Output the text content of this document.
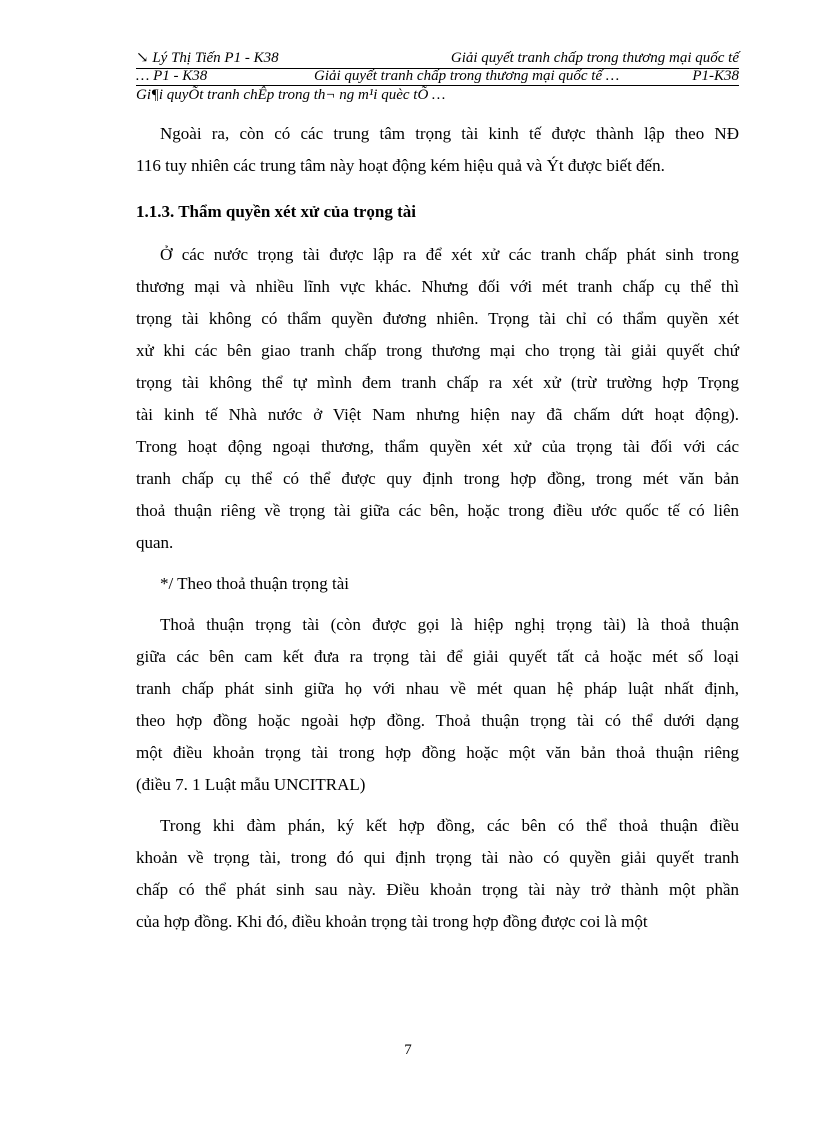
↘ Lý Thị Tiến P1 - K38	Giải quyết tranh chấp trong thương mại quốc tế
… P1 - K38	Giải quyết tranh chấp trong thương mại quốc tế …	P1-K38
Gi¶i quyÕt tranh chÊp trong th¬ ng m¹i quèc tÕ …
Ngoài ra, còn có các trung tâm trọng tài kinh tế được thành lập theo NĐ
116 tuy nhiên các trung tâm này hoạt động kém hiệu quả và Ýt được biết đến.
1.1.3. Thẩm quyền xét xử của trọng tài
Ở các nước trọng tài được lập ra để xét xử các tranh chấp phát sinh trong
thương mại và nhiều lĩnh vực khác. Nhưng đối với mét tranh chấp cụ thể thì
trọng tài không có thẩm quyền đương nhiên. Trọng tài chỉ có thẩm quyền xét
xử khi các bên giao tranh chấp trong thương mại cho trọng tài giải quyết chứ
trọng tài không thể tự mình đem tranh chấp ra xét xử (trừ trường hợp Trọng
tài kinh tế Nhà nước ở Việt Nam nhưng hiện nay đã chấm dứt hoạt động).
Trong hoạt động ngoại thương, thẩm quyền xét xử của trọng tài đối với các
tranh chấp cụ thể có thể được quy định trong hợp đồng, trong mét văn bản
thoả thuận riêng về trọng tài giữa các bên, hoặc trong điều ước quốc tế có liên
quan.
*/ Theo thoả thuận trọng tài
Thoả thuận trọng tài (còn được gọi là hiệp nghị trọng tài) là thoả thuận
giữa các bên cam kết đưa ra trọng tài để giải quyết tất cả hoặc mét số loại
tranh chấp phát sinh giữa họ với nhau về mét quan hệ pháp luật nhất định,
theo hợp đồng hoặc ngoài hợp đồng. Thoả thuận trọng tài có thể dưới dạng
một điều khoản trọng tài trong hợp đồng hoặc một văn bản thoả thuận riêng
(điều 7. 1 Luật mẫu UNCITRAL)
Trong khi đàm phán, ký kết hợp đồng, các bên có thể thoả thuận điều
khoản về trọng tài, trong đó qui định trọng tài nào có quyền giải quyết tranh
chấp có thể phát sinh sau này. Điều khoản trọng tài này trở thành một phần
của hợp đồng. Khi đó, điều khoản trọng tài trong hợp đồng được coi là một
7
